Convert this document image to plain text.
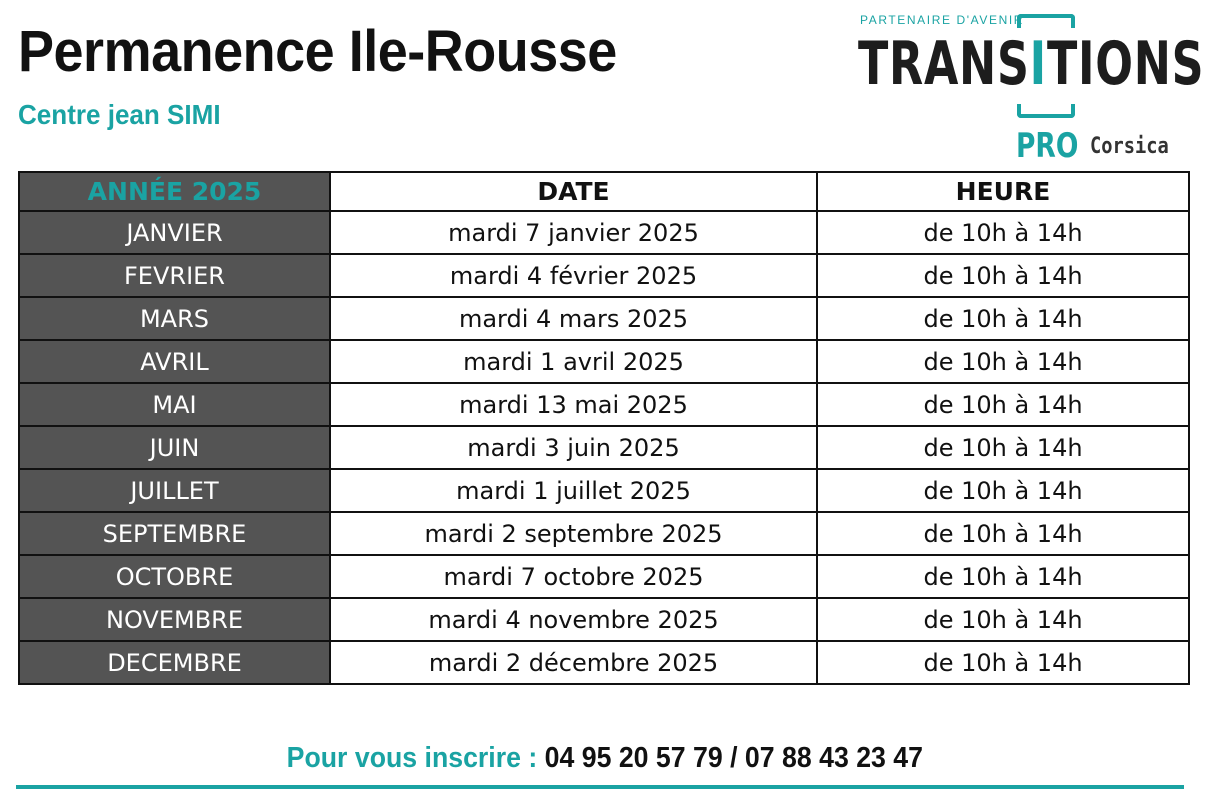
Permanence Ile-Rousse
Centre jean SIMI
PARTENAIRE D'AVENIR
TRANSITIONS
PRO Corsica
ANNÉE 2025	DATE	HEURE
JANVIER	mardi 7 janvier 2025	de 10h à 14h
FEVRIER	mardi 4 février 2025	de 10h à 14h
MARS	mardi 4 mars 2025	de 10h à 14h
AVRIL	mardi 1 avril 2025	de 10h à 14h
MAI	mardi 13 mai 2025	de 10h à 14h
JUIN	mardi 3 juin 2025	de 10h à 14h
JUILLET	mardi 1 juillet 2025	de 10h à 14h
SEPTEMBRE	mardi 2 septembre 2025	de 10h à 14h
OCTOBRE	mardi 7 octobre 2025	de 10h à 14h
NOVEMBRE	mardi 4 novembre 2025	de 10h à 14h
DECEMBRE	mardi 2 décembre 2025	de 10h à 14h
Pour vous inscrire : 04 95 20 57 79 / 07 88 43 23 47
